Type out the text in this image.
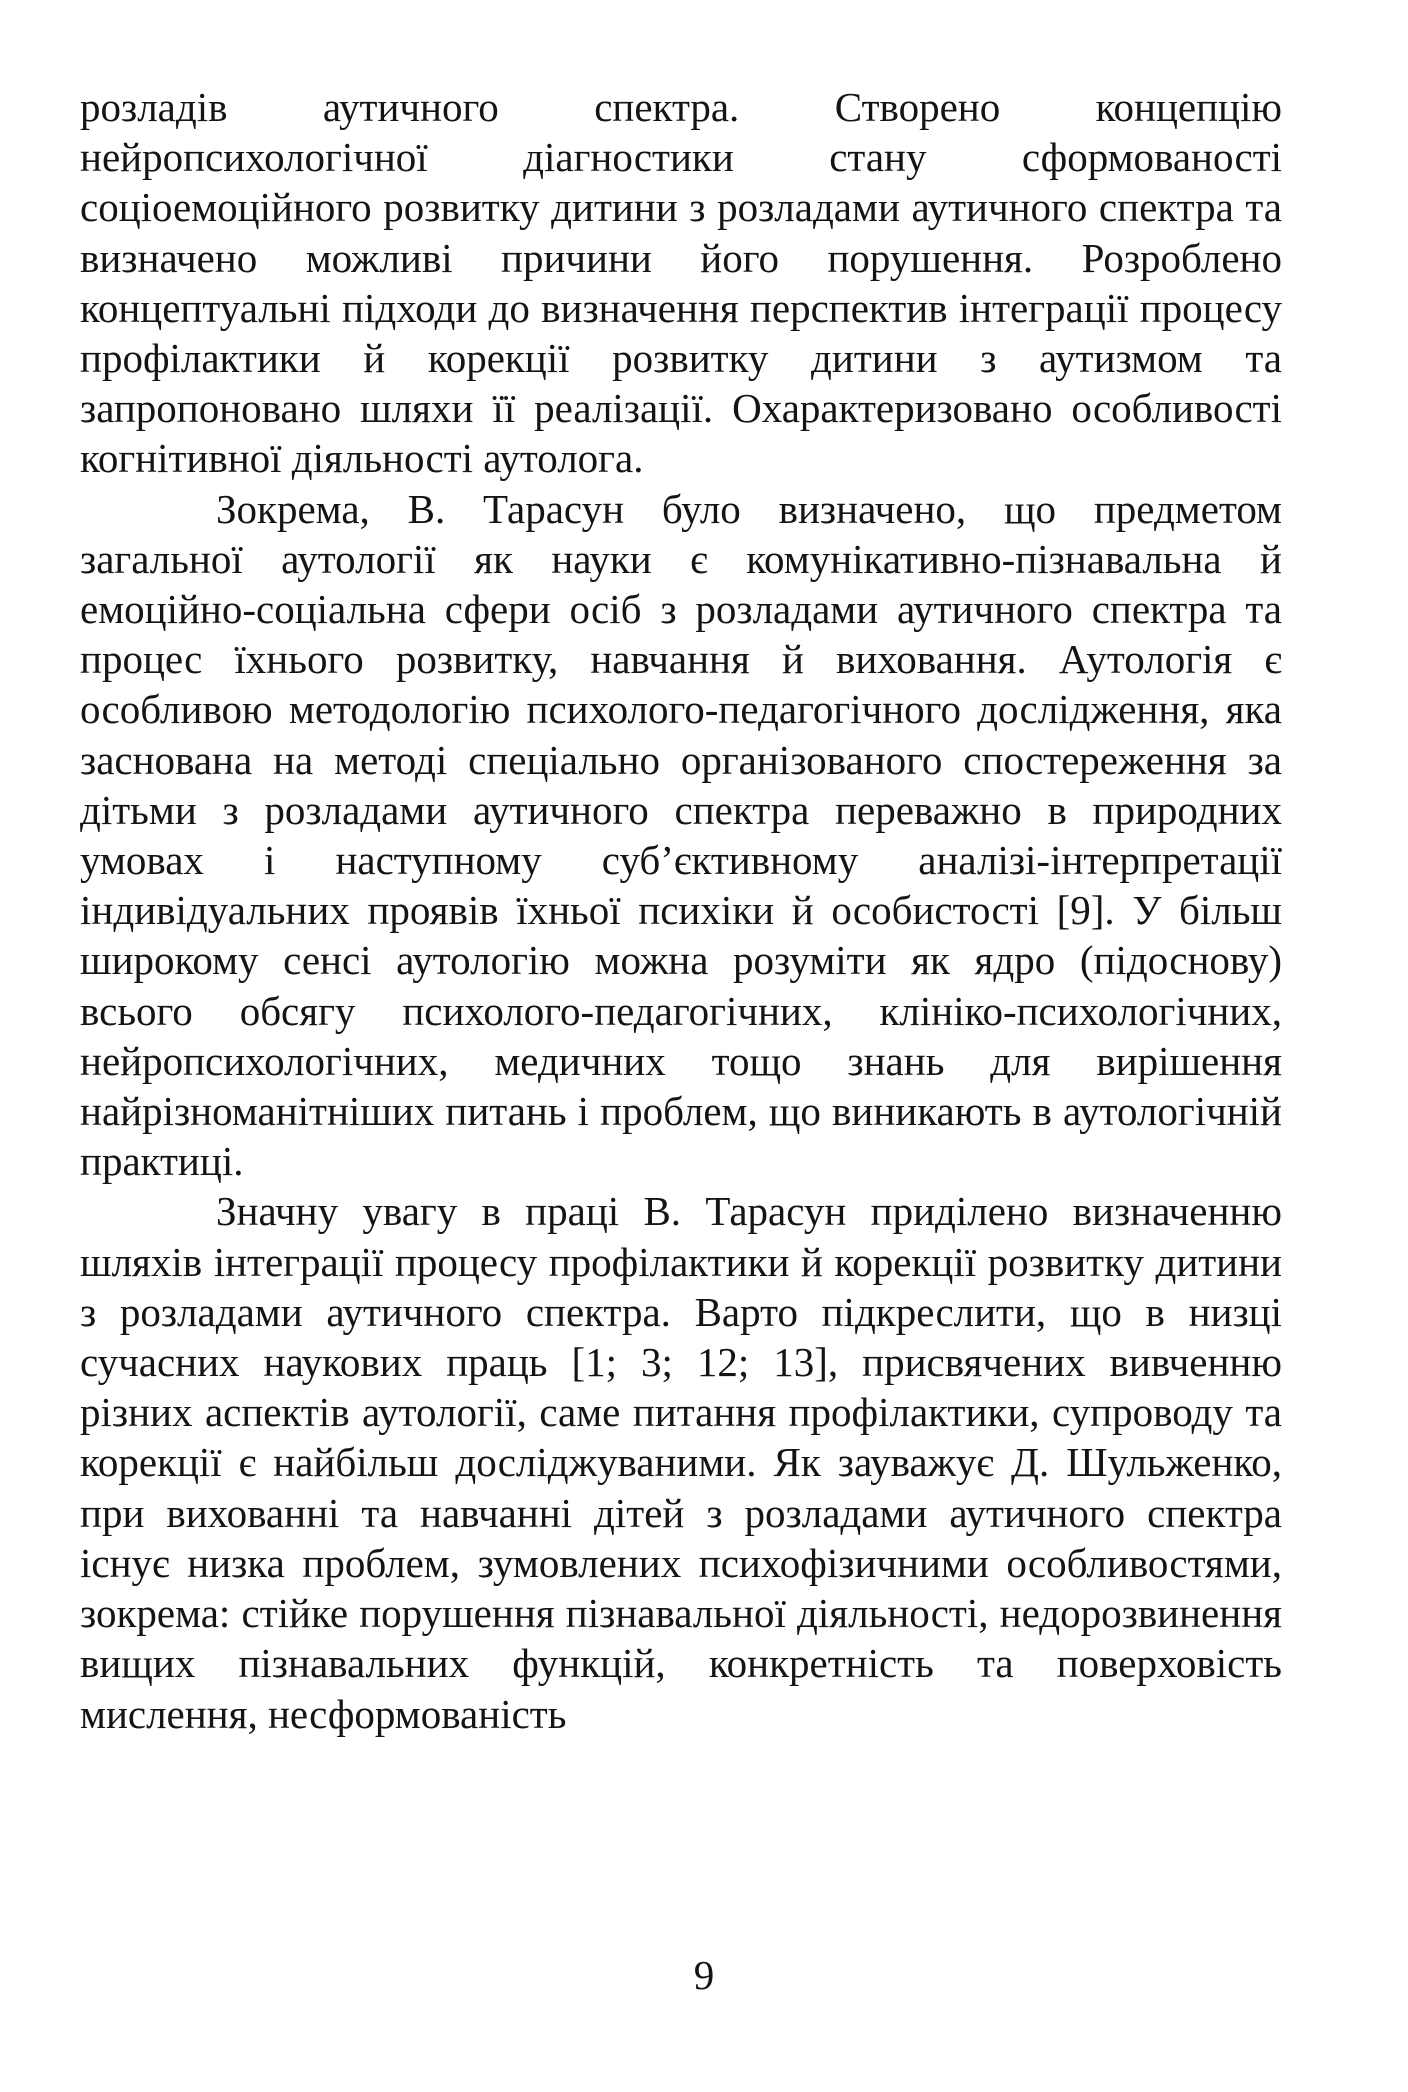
розладів аутичного спектра. Створено концепцію нейропсихологічної діагностики стану сформованості соціоемоційного розвитку дитини з розладами аутичного спектра та визначено можливі причини його порушення. Розроблено концептуальні підходи до визначення перспектив інтеграції процесу профілактики й корекції розвитку дитини з аутизмом та запропоновано шляхи її реалізації. Охарактеризовано особливості когнітивної діяльності аутолога.

Зокрема, В. Тарасун було визначено, що предметом загальної аутології як науки є комунікативно-пізнавальна й емоційно-соціальна сфери осіб з розладами аутичного спектра та процес їхнього розвитку, навчання й виховання. Аутологія є особливою методологію психолого-педагогічного дослідження, яка заснована на методі спеціально організованого спостереження за дітьми з розладами аутичного спектра переважно в природних умовах і наступному суб’єктивному аналізі-інтерпретації індивідуальних проявів їхньої психіки й особистості [9]. У більш широкому сенсі аутологію можна розуміти як ядро (підоснову) всього обсягу психолого-педагогічних, клініко-психологічних, нейропсихологічних, медичних тощо знань для вирішення найрізноманітніших питань і проблем, що виникають в аутологічній практиці.

Значну увагу в праці В. Тарасун приділено визначенню шляхів інтеграції процесу профілактики й корекції розвитку дитини з розладами аутичного спектра. Варто підкреслити, що в низці сучасних наукових праць [1; 3; 12; 13], присвячених вивченню різних аспектів аутології, саме питання профілактики, супроводу та корекції є найбільш досліджуваними. Як зауважує Д. Шульженко, при вихованні та навчанні дітей з розладами аутичного спектра існує низка проблем, зумовлених психофізичними особливостями, зокрема: стійке порушення пізнавальної діяльності, недорозвинення вищих пізнавальних функцій, конкретність та поверховість мислення, несформованість

9
